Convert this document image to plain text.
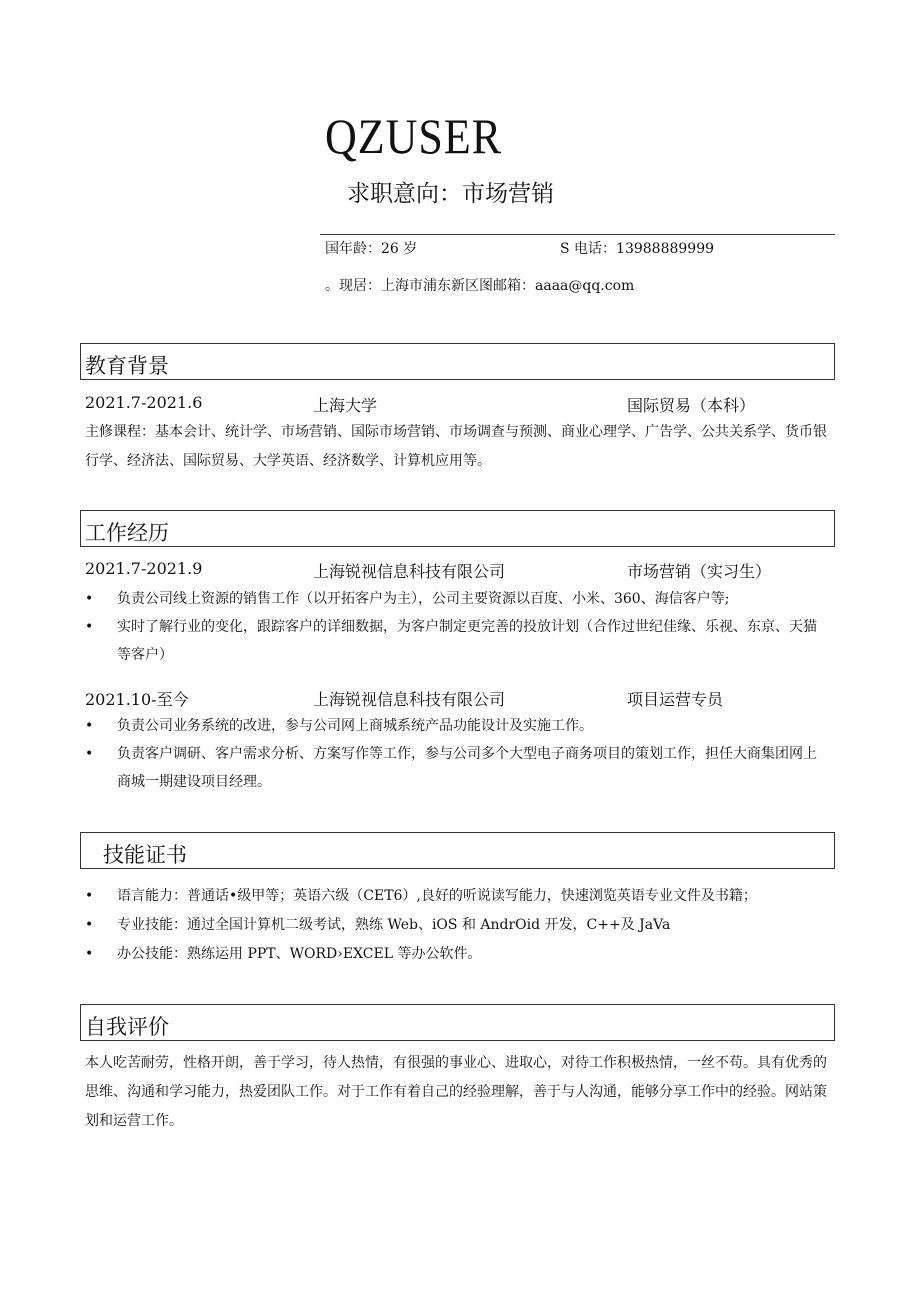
QZUSER
求职意向：市场营销
国年龄：26 岁	S 电话：13988889999
。现居：上海市浦东新区图邮箱：aaaa@qq.com
教育背景
2021.7-2021.6	上海大学	国际贸易（本科）
主修课程：基本会计、统计学、市场营销、国际市场营销、市场调查与预测、商业心理学、广告学、公共关系学、货币银行学、经济法、国际贸易、大学英语、经济数学、计算机应用等。
工作经历
2021.7-2021.9	上海锐视信息科技有限公司	市场营销（实习生）
•	负责公司线上资源的销售工作（以开拓客户为主），公司主要资源以百度、小米、360、海信客户等;
•	实时了解行业的变化，跟踪客户的详细数据，为客户制定更完善的投放计划（合作过世纪佳缘、乐视、东京、天猫等客户）
2021.10-至今	上海锐视信息科技有限公司	项目运营专员
•	负责公司业务系统的改进，参与公司网上商城系统产品功能设计及实施工作。
•	负责客户调研、客户需求分析、方案写作等工作，参与公司多个大型电子商务项目的策划工作，担任大商集团网上商城一期建设项目经理。
技能证书
•	语言能力：普通话•级甲等；英语六级（CET6）,良好的听说读写能力，快速浏览英语专业文件及书籍；
•	专业技能：通过全国计算机二级考试，熟练 Web、iOS 和 AndrOid 开发，C++及 JaVa
•	办公技能：熟练运用 PPT、WORD›EXCEL 等办公软件。
自我评价
本人吃苦耐劳，性格开朗，善于学习，待人热情，有很强的事业心、进取心，对待工作积极热情，一丝不苟。具有优秀的思维、沟通和学习能力，热爱团队工作。对于工作有着自己的经验理解，善于与人沟通，能够分享工作中的经验。网站策划和运营工作。
